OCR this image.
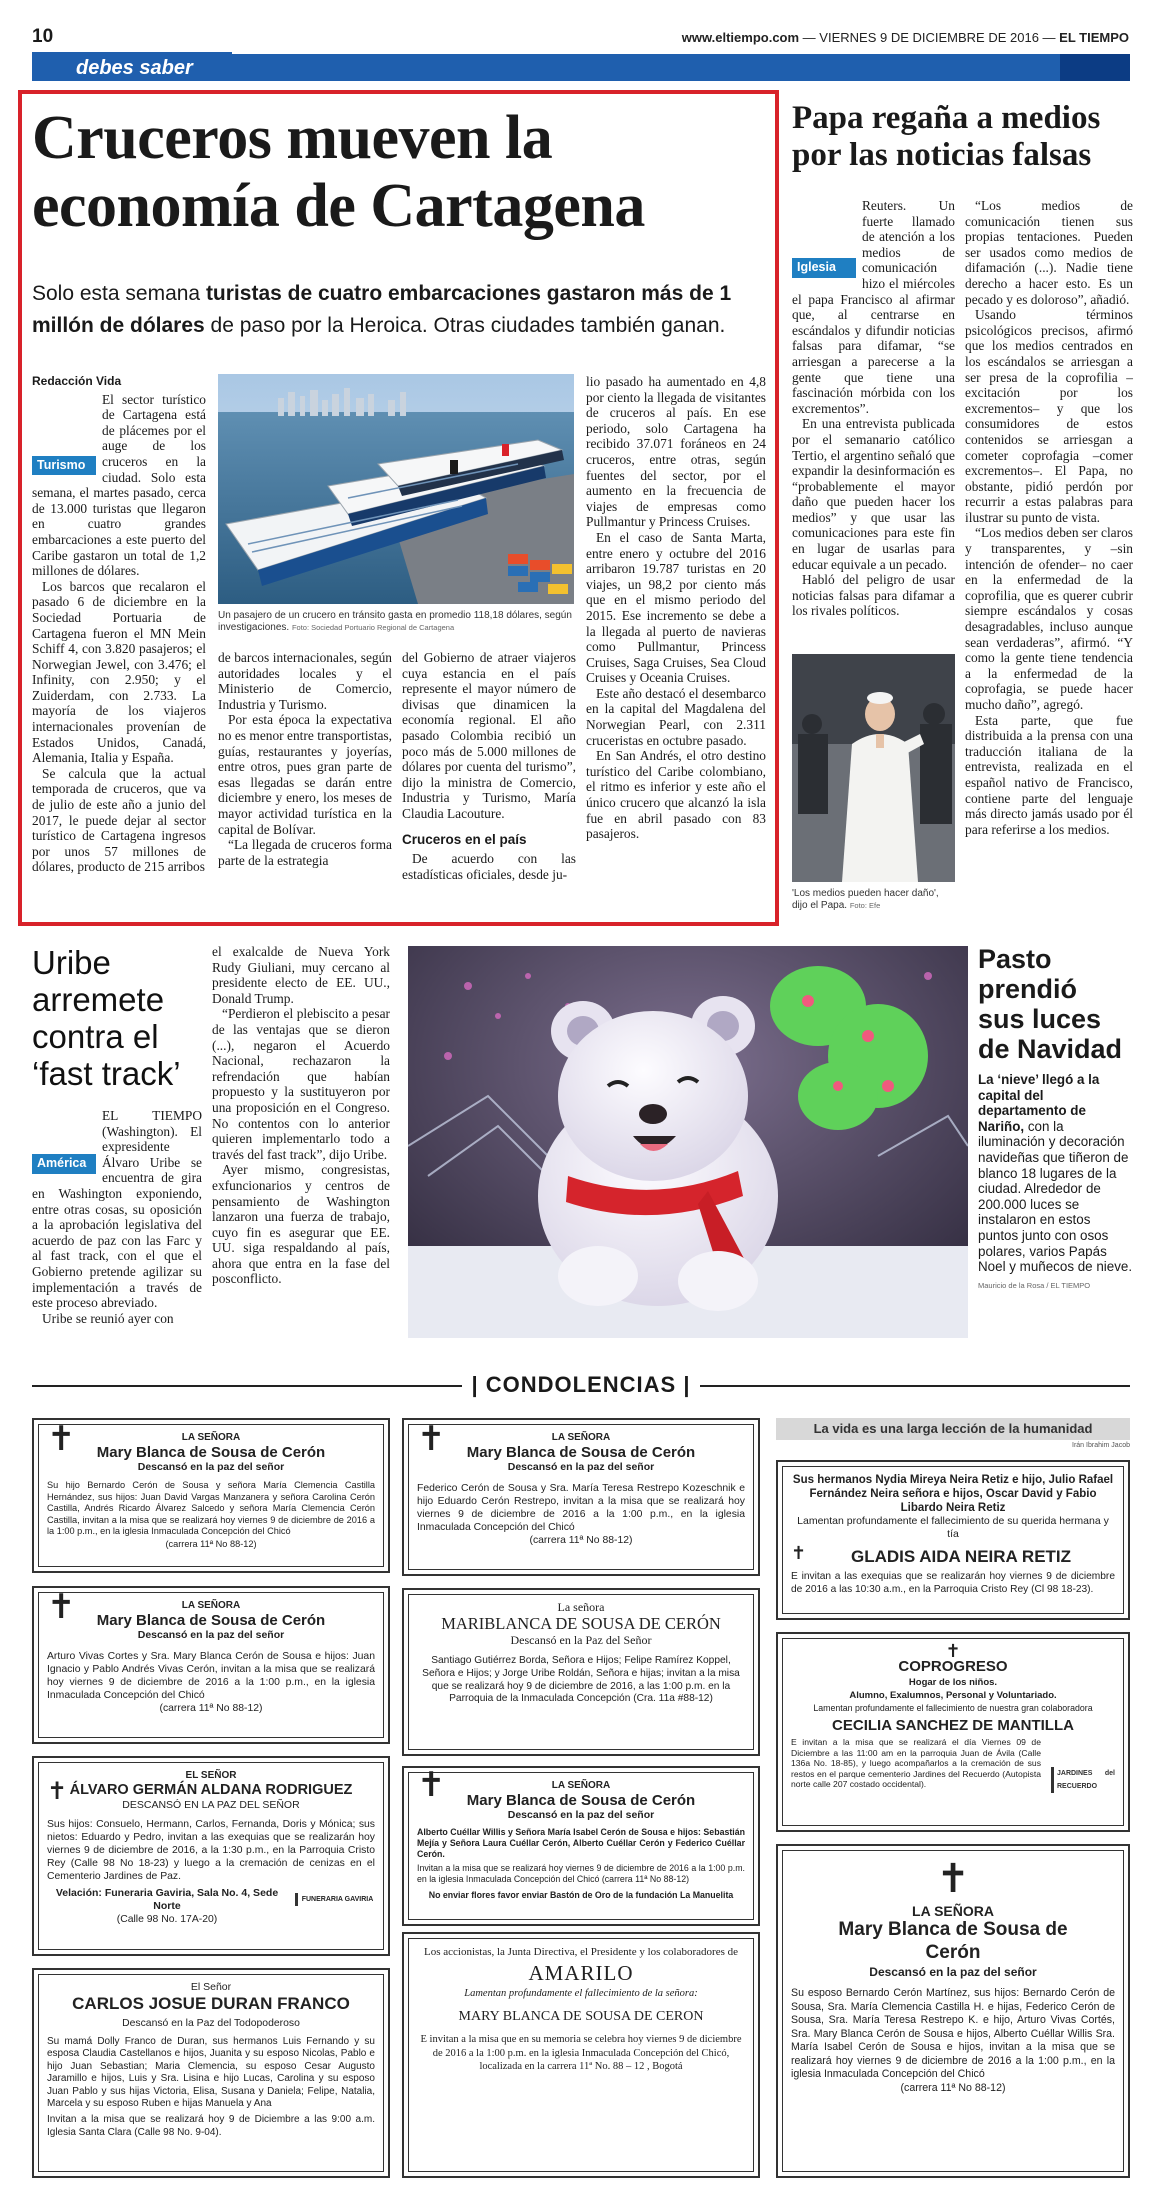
10	www.eltiempo.com — VIERNES 9 DE DICIEMBRE DE 2016 — EL TIEMPO
debes saber
Cruceros mueven la
economía de Cartagena
Solo esta semana turistas de cuatro embarcaciones gastaron más de 1 millón de dólares de paso por la Heroica. Otras ciudades también ganan.
Redacción Vida

Turismo
El sector turístico de Cartagena está de plácemes por el auge de los cruceros en la ciudad. Solo esta semana, el martes pasado, cerca de 13.000 turistas que llegaron en cuatro grandes embarcaciones a este puerto del Caribe gastaron un total de 1,2 millones de dólares.

Los barcos que recalaron el pasado 6 de diciembre en la Sociedad Portuaria de Cartagena fueron el MN Mein Schiff 4, con 3.820 pasajeros; el Norwegian Jewel, con 3.476; el Infinity, con 2.950; y el Zuiderdam, con 2.733. La mayoría de los viajeros internacionales provenían de Estados Unidos, Canadá, Alemania, Italia y España.

Se calcula que la actual temporada de cruceros, que va de julio de este año a junio del 2017, le puede dejar al sector turístico de Cartagena ingresos por unos 57 millones de dólares, producto de 215 arribos

Un pasajero de un crucero en tránsito gasta en promedio 118,18 dólares, según investigaciones. Foto: Sociedad Portuario Regional de Cartagena

de barcos internacionales, según autoridades locales y el Ministerio de Comercio, Industria y Turismo.

Por esta época la expectativa no es menor entre transportistas, guías, restaurantes y joyerías, entre otros, pues gran parte de esas llegadas se darán entre diciembre y enero, los meses de mayor actividad turística en la capital de Bolívar.

“La llegada de cruceros forma parte de la estrategia

del Gobierno de atraer viajeros cuya estancia en el país represente el mayor número de divisas que dinamicen la economía regional. El año pasado Colombia recibió un poco más de 5.000 millones de dólares por cuenta del turismo”, dijo la ministra de Comercio, Industria y Turismo, María Claudia Lacouture.

Cruceros en el país

De acuerdo con las estadísticas oficiales, desde ju-

lio pasado ha aumentado en 4,8 por ciento la llegada de visitantes de cruceros al país. En ese periodo, solo Cartagena ha recibido 37.071 foráneos en 24 cruceros, entre otras, según fuentes del sector, por el aumento en la frecuencia de viajes de empresas como Pullmantur y Princess Cruises.

En el caso de Santa Marta, entre enero y octubre del 2016 arribaron 19.787 turistas en 20 viajes, un 98,2 por ciento más que en el mismo periodo del 2015. Ese incremento se debe a la llegada al puerto de navieras como Pullmantur, Princess Cruises, Saga Cruises, Sea Cloud Cruises y Oceania Cruises.

Este año destacó el desembarco en la capital del Magdalena del Norwegian Pearl, con 2.311 cruceristas en octubre pasado.

En San Andrés, el otro destino turístico del Caribe colombiano, el ritmo es inferior y este año el único crucero que alcanzó la isla fue en abril pasado con 83 pasajeros.

Papa regaña a medios
por las noticias falsas

Iglesia
Reuters. Un fuerte llamado de atención a los medios de comunicación hizo el miércoles el papa Francisco al afirmar que, al centrarse en escándalos y difundir noticias falsas para difamar, “se arriesgan a parecerse a la gente que tiene una fascinación mórbida con los excrementos”.

En una entrevista publicada por el semanario católico Tertio, el argentino señaló que expandir la desinformación es “probablemente el mayor daño que pueden hacer los medios” y que usar las comunicaciones para este fin en lugar de usarlas para educar equivale a un pecado.

Habló del peligro de usar noticias falsas para difamar a los rivales políticos.

'Los medios pueden hacer daño', dijo el Papa. Foto: Efe

“Los medios de comunicación tienen sus propias tentaciones. Pueden ser usados como medios de difamación (...). Nadie tiene derecho a hacer esto. Es un pecado y es doloroso”, añadió.

Usando términos psicológicos precisos, afirmó que los medios centrados en los escándalos se arriesgan a ser presa de la coprofilia –excitación por los excrementos– y que los consumidores de estos contenidos se arriesgan a cometer coprofagia –comer excrementos–. El Papa, no obstante, pidió perdón por recurrir a estas palabras para ilustrar su punto de vista.

“Los medios deben ser claros y transparentes, y –sin intención de ofender– no caer en la enfermedad de la coprofilia, que es querer cubrir siempre escándalos y cosas desagradables, incluso aunque sean verdaderas”, afirmó. “Y como la gente tiene tendencia a la enfermedad de la coprofagia, se puede hacer mucho daño”, agregó.

Esta parte, que fue distribuida a la prensa con una traducción italiana de la entrevista, realizada en el español nativo de Francisco, contiene parte del lenguaje más directo jamás usado por él para referirse a los medios.

Uribe
arremete
contra el
‘fast track’

América
EL TIEMPO (Washington). El expresidente Álvaro Uribe se encuentra de gira en Washington exponiendo, entre otras cosas, su oposición a la aprobación legislativa del acuerdo de paz con las Farc y al fast track, con el que el Gobierno pretende agilizar su implementación a través de este proceso abreviado.

Uribe se reunió ayer con

el exalcalde de Nueva York Rudy Giuliani, muy cercano al presidente electo de EE. UU., Donald Trump.

“Perdieron el plebiscito a pesar de las ventajas que se dieron (...), negaron el Acuerdo Nacional, rechazaron la refrendación que habían propuesto y la sustituyeron por una proposición en el Congreso. No contentos con lo anterior quieren implementarlo todo a través del fast track”, dijo Uribe.

Ayer mismo, congresistas, exfuncionarios y centros de pensamiento de Washington lanzaron una fuerza de trabajo, cuyo fin es asegurar que EE. UU. siga respaldando al país, ahora que entra en la fase del posconflicto.

Pasto
prendió
sus luces
de Navidad
La ‘nieve’ llegó a la capital del departamento de Nariño, con la iluminación y decoración navideñas que tiñeron de blanco 18 lugares de la ciudad. Alrededor de 200.000 luces se instalaron en estos puntos junto con osos polares, varios Papás Noel y muñecos de nieve.
Mauricio de la Rosa / EL TIEMPO
| CONDOLENCIAS |
✝	LA SEÑORA
Mary Blanca de Sousa de Cerón
Descansó en la paz del señor
Su hijo Bernardo Cerón de Sousa y señora María Clemencia Castilla Hernández, sus hijos: Juan David Vargas Manzanera y señora Carolina Cerón Castilla, Andrés Ricardo Álvarez Salcedo y señora María Clemencia Cerón Castilla, invitan a la misa que se realizará hoy viernes 9 de diciembre de 2016 a la 1:00 p.m., en la iglesia Inmaculada Concepción del Chicó
(carrera 11ª No 88-12)
✝	LA SEÑORA
Mary Blanca de Sousa de Cerón
Descansó en la paz del señor
Arturo Vivas Cortes y Sra. Mary Blanca Cerón de Sousa e hijos: Juan Ignacio y Pablo Andrés Vivas Cerón, invitan a la misa que se realizará hoy viernes 9 de diciembre de 2016 a la 1:00 p.m., en la iglesia Inmaculada Concepción del Chicó
(carrera 11ª No 88-12)
✝
EL SEÑOR
ÁLVARO GERMÁN ALDANA RODRIGUEZ
DESCANSÓ EN LA PAZ DEL SEÑOR
Sus hijos: Consuelo, Hermann, Carlos, Fernanda, Doris y Mónica; sus nietos: Eduardo y Pedro, invitan a las exequias que se realizarán hoy viernes 9 de diciembre de 2016, a la 1:30 p.m., en la Parroquia Cristo Rey (Calle 98 No 18-23) y luego a la cremación de cenizas en el Cementerio Jardines de Paz.
Velación: Funeraria Gaviria, Sala No. 4, Sede Norte
(Calle 98 No. 17A-20)
FUNERARIA GAVIRIA
El Señor
CARLOS JOSUE DURAN FRANCO
Descansó en la Paz del Todopoderoso
Su mamá Dolly Franco de Duran, sus hermanos Luis Fernando y su esposa Claudia Castellanos e hijos, Juanita y su esposo Nicolas, Pablo e hijo Juan Sebastian; Maria Clemencia, su esposo Cesar Augusto Jaramillo e hijos, Luis y Sra. Lisina e hijo Lucas, Carolina y su esposo Juan Pablo y sus hijas Victoria, Elisa, Susana y Daniela; Felipe, Natalia, Marcela y su esposo Ruben e hijas Manuela y Ana
Invitan a la misa que se realizará hoy 9 de Diciembre a las 9:00 a.m. Iglesia Santa Clara (Calle 98 No. 9-04).
✝	LA SEÑORA
Mary Blanca de Sousa de Cerón
Descansó en la paz del señor
Federico Cerón de Sousa y Sra. María Teresa Restrepo Kozeschnik e hijo Eduardo Cerón Restrepo, invitan a la misa que se realizará hoy viernes 9 de diciembre de 2016 a la 1:00 p.m., en la iglesia Inmaculada Concepción del Chicó
(carrera 11ª No 88-12)
La señora
MARIBLANCA DE SOUSA DE CERÓN
Descansó en la Paz del Señor
Santiago Gutiérrez Borda, Señora e Hijos; Felipe Ramírez Koppel, Señora e Hijos; y Jorge Uribe Roldán, Señora e hijas; invitan a la misa que se realizará hoy 9 de diciembre de 2016, a las 1:00 p.m. en la Parroquia de la Inmaculada Concepción (Cra. 11a #88-12)
✝	LA SEÑORA
Mary Blanca de Sousa de Cerón
Descansó en la paz del señor
Alberto Cuéllar Willis y Señora María Isabel Cerón de Sousa e hijos: Sebastián Mejía y Señora Laura Cuéllar Cerón, Alberto Cuéllar Cerón y Federico Cuéllar Cerón.
Invitan a la misa que se realizará hoy viernes 9 de diciembre de 2016 a la 1:00 p.m. en la iglesia Inmaculada Concepción del Chicó (carrera 11ª No 88-12)
No enviar flores favor enviar Bastón de Oro de la fundación La Manuelita
Los accionistas, la Junta Directiva, el Presidente y los colaboradores de
AMARILO
Lamentan profundamente el fallecimiento de la señora:
MARY BLANCA DE SOUSA DE CERON
E invitan a la misa que en su memoria se celebra hoy viernes 9 de diciembre de 2016 a la 1:00 p.m. en la iglesia Inmaculada Concepción del Chicó, localizada en la carrera 11ª No. 88 – 12 , Bogotá
La vida es una larga lección de la humanidad
Irán Ibrahim Jacob
Sus hermanos Nydia Mireya Neira Retiz e hijo, Julio Rafael Fernández Neira señora e hijos, Oscar David y Fabio Libardo Neira Retiz
Lamentan profundamente el fallecimiento de su querida hermana y tía
✝	GLADIS AIDA NEIRA RETIZ
E invitan a las exequias que se realizarán hoy viernes 9 de diciembre de 2016 a las 10:30 a.m., en la Parroquia Cristo Rey (Cl 98 18-23).
✝
COPROGRESO
Hogar de los niños.
Alumno, Exalumnos, Personal y Voluntariado.
Lamentan profundamente el fallecimiento de nuestra gran colaboradora
CECILIA SANCHEZ DE MANTILLA
E invitan a la misa que se realizará el día Viernes 09 de Diciembre a las 11:00 am en la parroquia Juan de Ávila (Calle 136a No. 18-85), y luego acompañarlos a la cremación de sus restos en el parque cementerio Jardines del Recuerdo (Autopista norte calle 207 costado occidental).
JARDINES del RECUERDO
✝
LA SEÑORA
Mary Blanca de Sousa de Cerón
Descansó en la paz del señor
Su esposo Bernardo Cerón Martínez, sus hijos: Bernardo Cerón de Sousa, Sra. María Clemencia Castilla H. e hijas, Federico Cerón de Sousa, Sra. María Teresa Restrepo K. e hijo, Arturo Vivas Cortés, Sra. Mary Blanca Cerón de Sousa e hijos, Alberto Cuéllar Willis Sra. María Isabel Cerón de Sousa e hijos, invitan a la misa que se realizará hoy viernes 9 de diciembre de 2016 a la 1:00 p.m., en la iglesia Inmaculada Concepción del Chicó
(carrera 11ª No 88-12)
